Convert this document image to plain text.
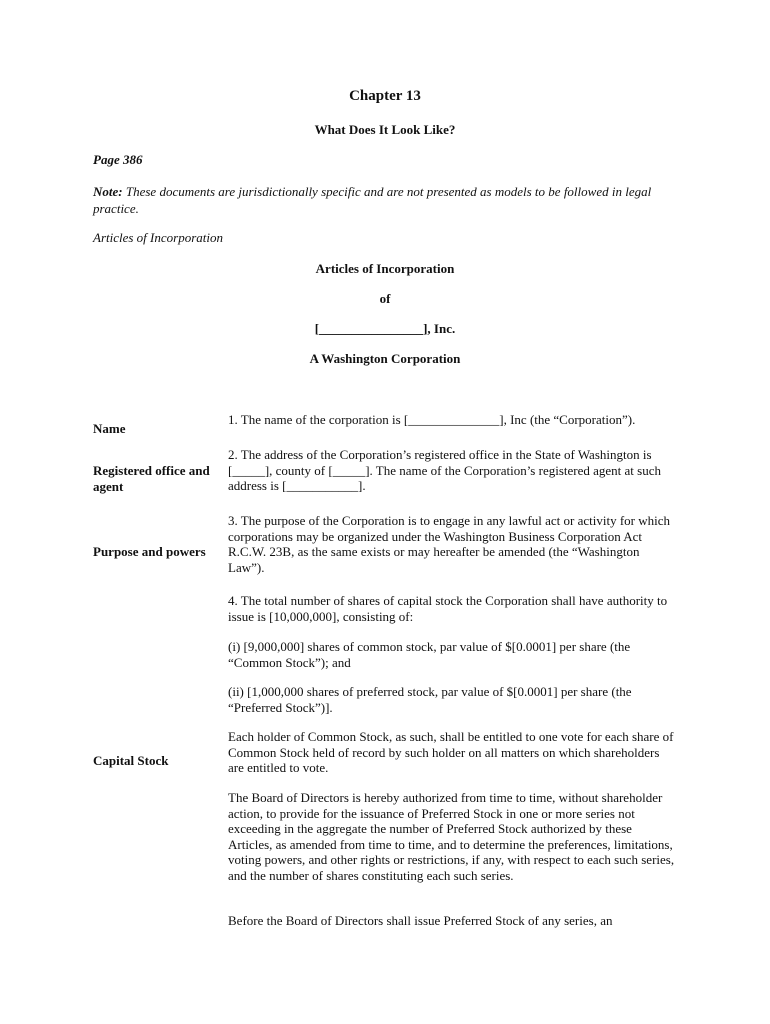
Chapter 13

What Does It Look Like?

Page 386

Note: These documents are jurisdictionally specific and are not presented as models to be followed in legal practice.

Articles of Incorporation

Articles of Incorporation

of

[________________], Inc.

A Washington Corporation

Name

1. The name of the corporation is [______________], Inc (the “Corporation”).

Registered office and
agent

2. The address of the Corporation’s registered office in the State of Washington is [_____], county of [_____]. The name of the Corporation’s registered agent at such address is [___________].

Purpose and powers

3. The purpose of the Corporation is to engage in any lawful act or activity for which corporations may be organized under the Washington Business Corporation Act R.C.W. 23B, as the same exists or may hereafter be amended (the “Washington Law”).

Capital Stock

4. The total number of shares of capital stock the Corporation shall have authority to issue is [10,000,000], consisting of:

(i) [9,000,000] shares of common stock, par value of $[0.0001] per share (the “Common Stock”); and

(ii) [1,000,000 shares of preferred stock, par value of $[0.0001] per share (the “Preferred Stock”)].

Each holder of Common Stock, as such, shall be entitled to one vote for each share of Common Stock held of record by such holder on all matters on which shareholders are entitled to vote.

The Board of Directors is hereby authorized from time to time, without shareholder action, to provide for the issuance of Preferred Stock in one or more series not exceeding in the aggregate the number of Preferred Stock authorized by these Articles, as amended from time to time, and to determine the preferences, limitations, voting powers, and other rights or restrictions, if any, with respect to each such series, and the number of shares constituting each such series.

Before the Board of Directors shall issue Preferred Stock of any series, an
